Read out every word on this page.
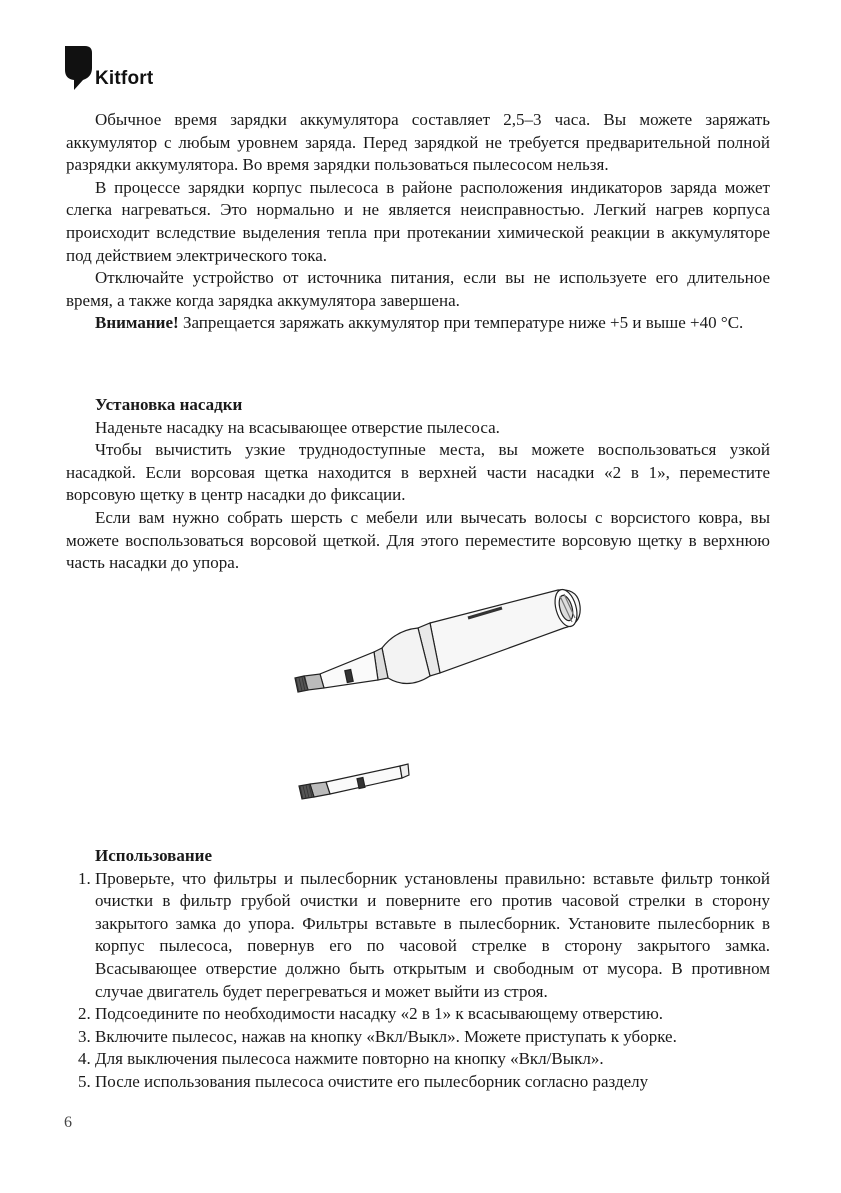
Kitfort

Обычное время зарядки аккумулятора составляет 2,5–3 часа. Вы можете заряжать аккумулятор с любым уровнем заряда. Перед зарядкой не требуется предварительной полной разрядки аккумулятора. Во время зарядки пользоваться пылесосом нельзя.

В процессе зарядки корпус пылесоса в районе расположения индикаторов заряда может слегка нагреваться. Это нормально и не является неисправностью. Легкий нагрев корпуса происходит вследствие выделения тепла при протекании химической реакции в аккумуляторе под действием электрического тока.

Отключайте устройство от источника питания, если вы не используете его длительное время, а также когда зарядка аккумулятора завершена.

Внимание! Запрещается заряжать аккумулятор при температуре ниже +5 и выше +40 °C.

Установка насадки

Наденьте насадку на всасывающее отверстие пылесоса.

Чтобы вычистить узкие труднодоступные места, вы можете воспользоваться узкой насадкой. Если ворсовая щетка находится в верхней части насадки «2 в 1», переместите ворсовую щетку в центр насадки до фиксации.

Если вам нужно собрать шерсть с мебели или вычесать волосы с ворсистого ковра, вы можете воспользоваться ворсовой щеткой. Для этого переместите ворсовую щетку в верхнюю часть насадки до упора.

Использование

1. Проверьте, что фильтры и пылесборник установлены правильно: вставьте фильтр тонкой очистки в фильтр грубой очистки и поверните его против часовой стрелки в сторону закрытого замка до упора. Фильтры вставьте в пылесборник. Установите пылесборник в корпус пылесоса, повернув его по часовой стрелке в сторону закрытого замка. Всасывающее отверстие должно быть открытым и свободным от мусора. В противном случае двигатель будет перегреваться и может выйти из строя.
2. Подсоедините по необходимости насадку «2 в 1» к всасывающему отверстию.
3. Включите пылесос, нажав на кнопку «Вкл/Выкл». Можете приступать к уборке.
4. Для выключения пылесоса нажмите повторно на кнопку «Вкл/Выкл».
5. После использования пылесоса очистите его пылесборник согласно разделу
6
